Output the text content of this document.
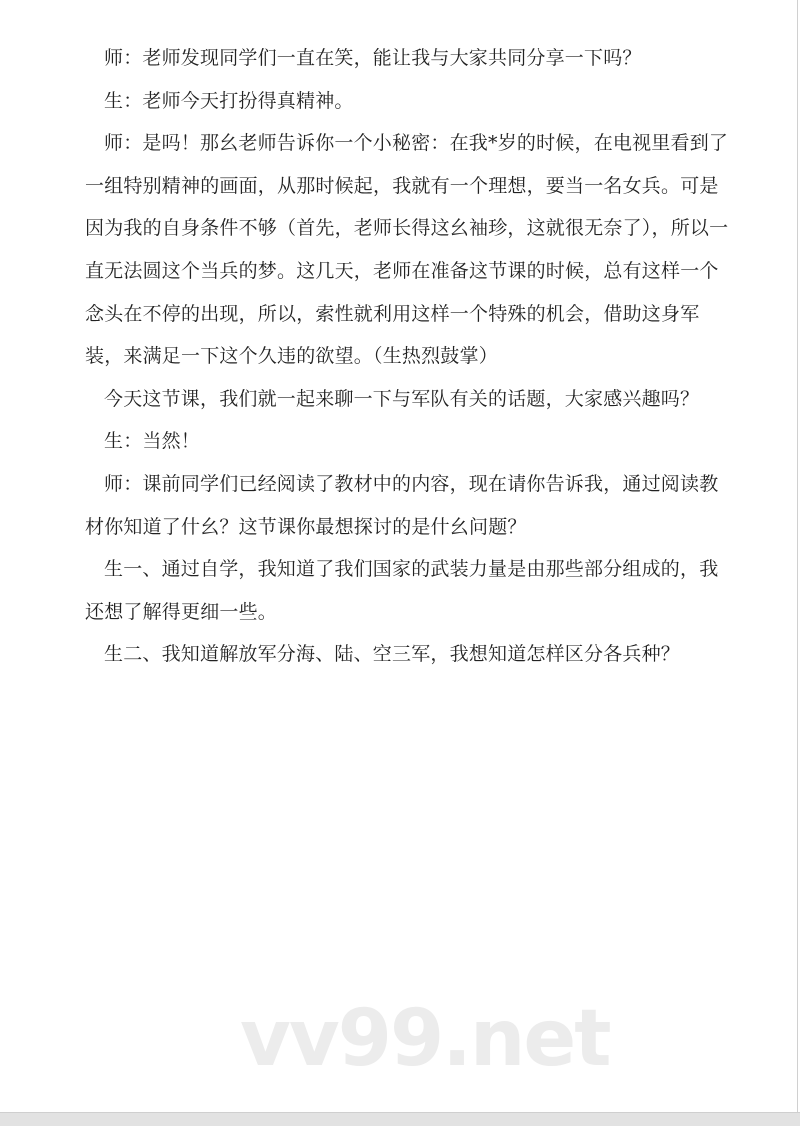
师：老师发现同学们一直在笑，能让我与大家共同分享一下吗？
生：老师今天打扮得真精神。
师：是吗！那幺老师告诉你一个小秘密：在我*岁的时候，在电视里看到了
一组特别精神的画面，从那时候起，我就有一个理想，要当一名女兵。可是
因为我的自身条件不够（首先，老师长得这幺袖珍，这就很无奈了），所以一
直无法圆这个当兵的梦。这几天，老师在准备这节课的时候，总有这样一个
念头在不停的出现，所以，索性就利用这样一个特殊的机会，借助这身军
装，来满足一下这个久违的欲望。（生热烈鼓掌）
今天这节课，我们就一起来聊一下与军队有关的话题，大家感兴趣吗？
生：当然！
师：课前同学们已经阅读了教材中的内容，现在请你告诉我，通过阅读教
材你知道了什幺？这节课你最想探讨的是什幺问题？
生一、通过自学，我知道了我们国家的武装力量是由那些部分组成的，我
还想了解得更细一些。
生二、我知道解放军分海、陆、空三军，我想知道怎样区分各兵种？
vv99.net
